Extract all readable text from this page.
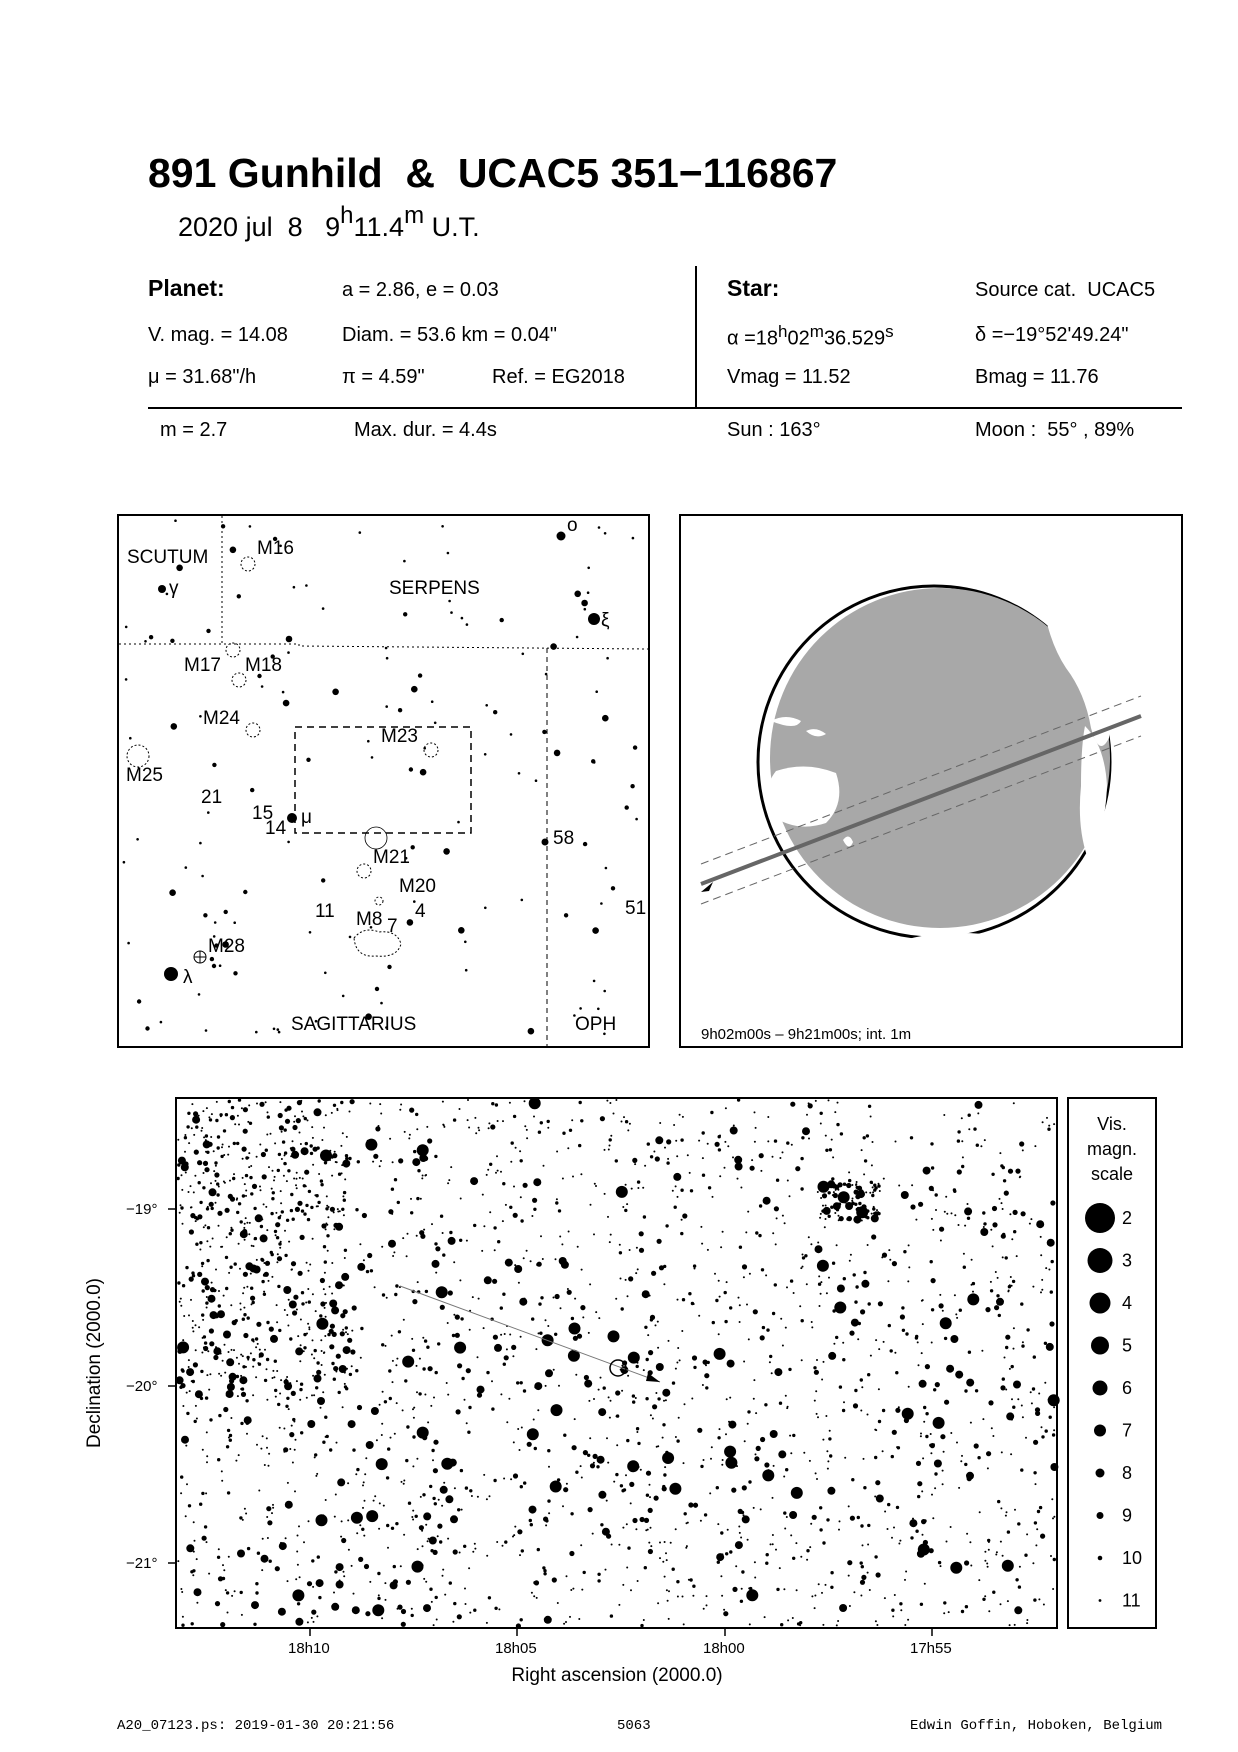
891 Gunhild  &  UCAC5 351−116867
2020 jul  8 9$^h$11.4$^m$ U.T.
Planet:	a = 2.86, e = 0.03
V. mag. = 14.08	Diam. = 53.6 km = 0.04"
μ = 31.68"/h	π = 4.59"	Ref. = EG2018
Star:	Source cat.  UCAC5
$\alpha =18^h02^m36.529^s$	δ =−19°52'49.24"
Vmag = 11.52	Bmag = 11.76
m = 2.7	Max. dur. = 4.4s	Sun : 163°	Moon :  55° , 89%
SCUTUM
SERPENS
SAGITTARIUS	OPH
M16
M17 M18
M24
M23
M25
M21
M20
M8
M28
21
15
14	58
11	4
7
51
o
γ
ξ
μ
λ
9h02m00s – 9h21m00s; int. 1m
−19°
−20°
−21°
18h10	18h05	18h00	17h55
Right ascension (2000.0)
Declination (2000.0)
Vis.
magn.
scale
2
3
4
5
6
7
8
9
10
11
A20_07123.ps: 2019-01-30 20:21:56	5063	Edwin Goffin, Hoboken, Belgium
